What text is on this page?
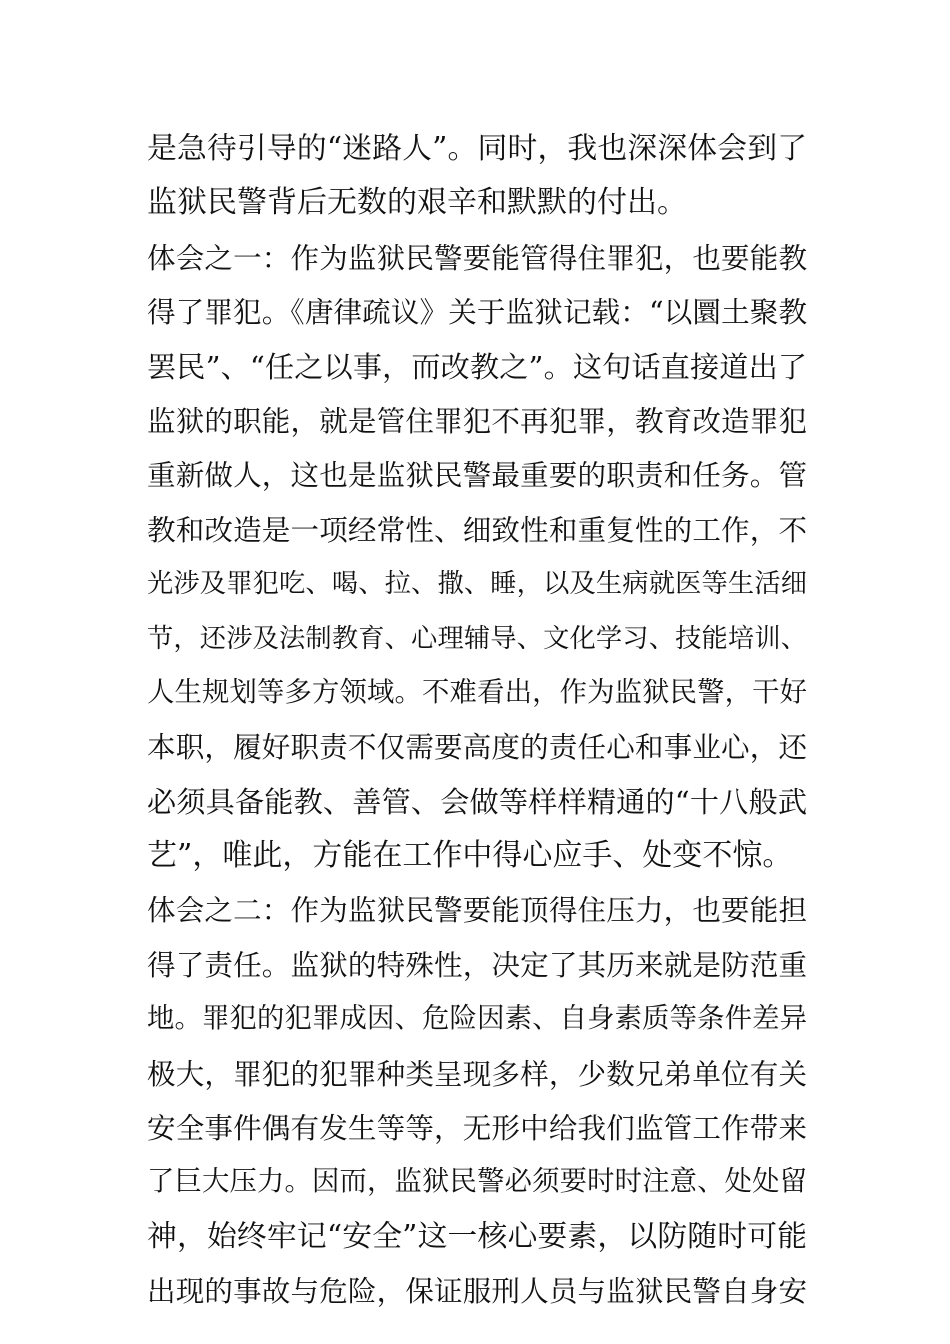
是急待引导的“迷路人”。同时，我也深深体会到了
监狱民警背后无数的艰辛和默默的付出。
体会之一：作为监狱民警要能管得住罪犯，也要能教
得了罪犯。《唐律疏议》关于监狱记载：“以圜土聚教
罢民”、“任之以事，而改教之”。这句话直接道出了
监狱的职能，就是管住罪犯不再犯罪，教育改造罪犯
重新做人，这也是监狱民警最重要的职责和任务。管
教和改造是一项经常性、细致性和重复性的工作，不
光涉及罪犯吃、喝、拉、撒、睡，以及生病就医等生活细
节，还涉及法制教育、心理辅导、文化学习、技能培训、
人生规划等多方领域。不难看出，作为监狱民警，干好
本职，履好职责不仅需要高度的责任心和事业心，还
必须具备能教、善管、会做等样样精通的“十八般武
艺”，唯此，方能在工作中得心应手、处变不惊。
体会之二：作为监狱民警要能顶得住压力，也要能担
得了责任。监狱的特殊性，决定了其历来就是防范重
地。罪犯的犯罪成因、危险因素、自身素质等条件差异
极大，罪犯的犯罪种类呈现多样，少数兄弟单位有关
安全事件偶有发生等等，无形中给我们监管工作带来
了巨大压力。因而，监狱民警必须要时时注意、处处留
神，始终牢记“安全”这一核心要素，以防随时可能
出现的事故与危险，保证服刑人员与监狱民警自身安
